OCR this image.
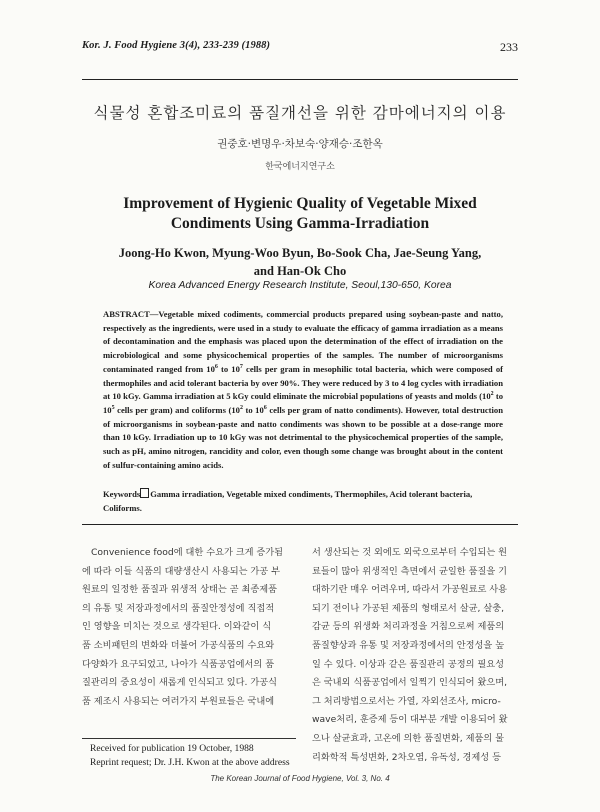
Kor. J. Food Hygiene 3(4), 233-239 (1988)	233
식물성 혼합조미료의 품질개선을 위한 감마에너지의 이용
권중호·변명우·차보숙·양재승·조한옥
한국에너지연구소
Improvement of Hygienic Quality of Vegetable Mixed
Condiments Using Gamma-Irradiation
Joong-Ho Kwon, Myung-Woo Byun, Bo-Sook Cha, Jae-Seung Yang,
and Han-Ok Cho
Korea Advanced Energy Research Institute, Seoul,130-650, Korea
ABSTRACT—Vegetable mixed codiments, commercial products prepared using soybean-paste and natto, respectively as the ingredients, were used in a study to evaluate the efficacy of gamma irradiation as a means of decontamination and the emphasis was placed upon the determination of the effect of irradiation on the microbiological and some physicochemical properties of the samples. The number of microorganisms contaminated ranged from $10^6$ to $10^7$ cells per gram in mesophilic total bacteria, which were composed of thermophiles and acid tolerant bacteria by over 90%. They were reduced by 3 to 4 log cycles with irradiation at 10 kGy. Gamma irradiation at 5 kGy could eliminate the microbial populations of yeasts and molds ($10^2$ to $10^5$ cells per gram) and coliforms ($10^2$ to $10^6$ cells per gram of natto condiments). However, total destruction of microorganisms in soybean-paste and natto condiments was shown to be possible at a dose-range more than 10 kGy. Irradiation up to 10 kGy was not detrimental to the physicochemical properties of the sample, such as pH, amino nitrogen, rancidity and color, even though some change was brought about in the content of sulfur-containing amino acids.
Keywords Gamma irradiation, Vegetable mixed condiments, Thermophiles, Acid tolerant bacteria, Coliforms.
Convenience food에 대한 수요가 크게 증가됨
에 따라 이들 식품의 대량생산시 사용되는 가공 부
원료의 일정한 품질과 위생적 상태는 곧 최종제품
의 유통 및 저장과정에서의 품질안정성에 직접적
인 영향을 미치는 것으로 생각된다. 이와같이 식
품 소비패턴의 변화와 더불어 가공식품의 수요와
다양화가 요구되었고, 나아가 식품공업에서의 품
질관리의 중요성이 새롭게 인식되고 있다. 가공식
품 제조시 사용되는 여러가지 부원료들은 국내에
서 생산되는 것 외에도 외국으로부터 수입되는 원
료들이 많아 위생적인 측면에서 균일한 품질을 기
대하기란 매우 어려우며, 따라서 가공원료로 사용
되기 전이나 가공된 제품의 형태로서 살균, 살충,
감균 등의 위생화 처리과정을 거침으로써 제품의
품질향상과 유통 및 저장과정에서의 안정성을 높
일 수 있다. 이상과 같은 품질관리 공정의 필요성
은 국내외 식품공업에서 일찍기 인식되어 왔으며,
그 처리방법으로서는 가열, 자외선조사, micro-
wave처리, 훈증제 등이 대부분 개발 이용되어 왔
으나 살균효과, 고온에 의한 품질변화, 제품의 물
리화학적 특성변화, 2차오염, 유독성, 경제성 등
Received for publication 19 October, 1988
Reprint request; Dr. J.H. Kwon at the above address
The Korean Journal of Food Hygiene, Vol. 3, No. 4
